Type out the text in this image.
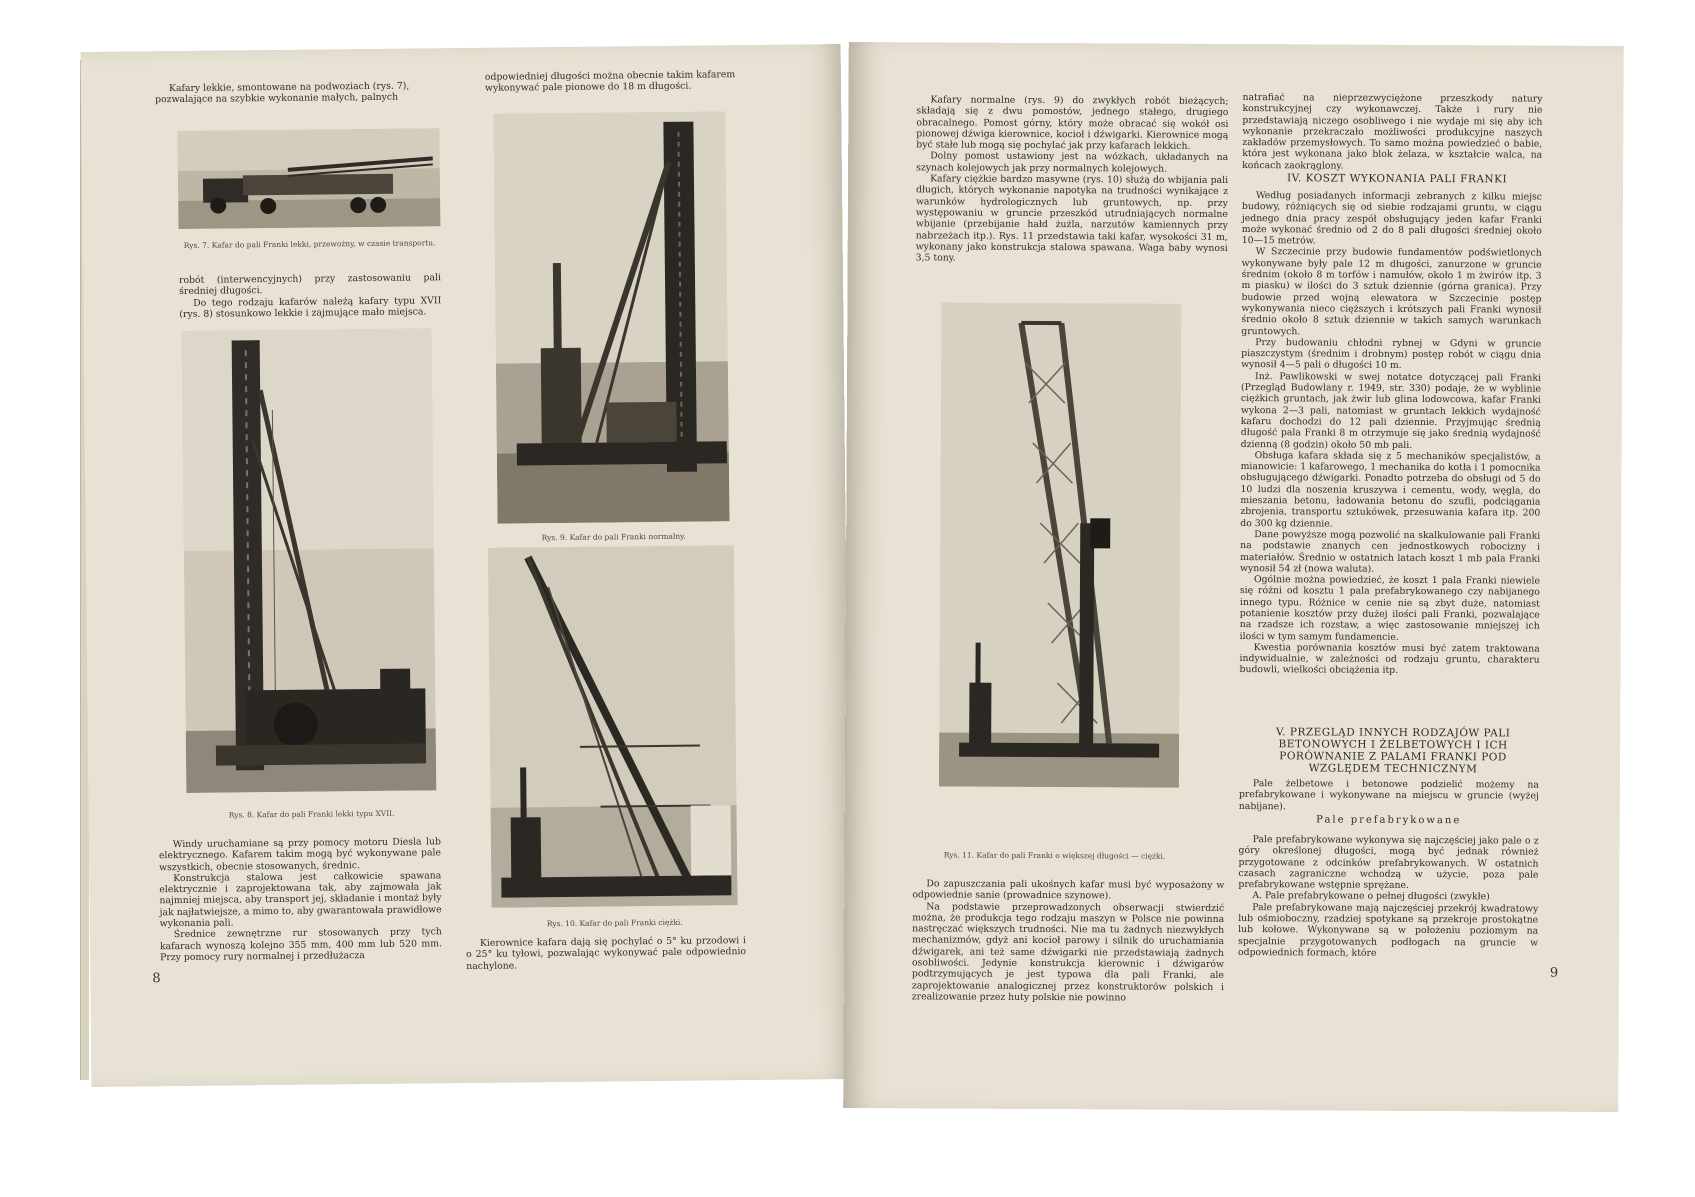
Kafary lekkie, smontowane na podwoziach (rys. 7), pozwalające na szybkie wykonanie małych, palnych

odpowiedniej długości można obecnie takim kafarem wykonywać pale pionowe do 18 m długości.

Rys. 7. Kafar do pali Franki lekki, przewożny, w czasie transportu.

robót (interwencyjnych) przy zastosowaniu pali średniej długości.

Do tego rodzaju kafarów należą kafary typu XVII (rys. 8) stosunkowo lekkie i zajmujące mało miejsca.

Rys. 8. Kafar do pali Franki lekki typu XVII.

Windy uruchamiane są przy pomocy motoru Diesla lub elektrycznego. Kafarem takim mogą być wykonywane pale wszystkich, obecnie stosowanych, średnic.

Konstrukcja stalowa jest całkowicie spawana elektrycznie i zaprojektowana tak, aby zajmowała jak najmniej miejsca, aby transport jej, składanie i montaż były jak najłatwiejsze, a mimo to, aby gwarantowała prawidłowe wykonania pali.

Średnice zewnętrzne rur stosowanych przy tych kafarach wynoszą kolejno 355 mm, 400 mm lub 520 mm. Przy pomocy rury normalnej i przedłużacza

Rys. 9. Kafar do pali Franki normalny.
Rys. 10. Kafar do pali Franki ciężki.

Kierownice kafara dają się pochylać o 5° ku przodowi i o 25° ku tyłowi, pozwalając wykonywać pale odpowiednio nachylone.

8

Kafary normalne (rys. 9) do zwykłych robót bieżących; składają się z dwu pomostów, jednego stałego, drugiego obracalnego. Pomost górny, który może obracać się wokół osi pionowej dźwiga kierownice, kocioł i dźwigarki. Kierownice mogą być stałe lub mogą się pochylać jak przy kafarach lekkich.

Dolny pomost ustawiony jest na wózkach, układanych na szynach kolejowych jak przy normalnych kolejowych.

Kafary ciężkie bardzo masywne (rys. 10) służą do wbijania pali długich, których wykonanie napotyka na trudności wynikające z warunków hydrologicznych lub gruntowych, np. przy występowaniu w gruncie przeszkód utrudniających normalne wbijanie (przebijanie hałd żużla, narzutów kamiennych przy nabrzeżach itp.). Rys. 11 przedstawia taki kafar, wysokości 31 m, wykonany jako konstrukcja stalowa spawana. Waga baby wynosi 3,5 tony.

Rys. 11. Kafar do pali Franki o większej długości — ciężki.

Do zapuszczania pali ukośnych kafar musi być wyposażony w odpowiednie sanie (prowadnice szynowe).

Na podstawie przeprowadzonych obserwacji stwierdzić można, że produkcja tego rodzaju maszyn w Polsce nie powinna nastręczać większych trudności. Nie ma tu żadnych niezwykłych mechanizmów, gdyż ani kocioł parowy i silnik do uruchamiania dźwigarek, ani też same dźwigarki nie przedstawiają żadnych osobliwości. Jedynie konstrukcja kierownic i dźwigarów podtrzymujących je jest typowa dla pali Franki, ale zaprojektowanie analogicznej przez konstruktorów polskich i zrealizowanie przez huty polskie nie powinno

natrafiać na nieprzezwyciężone przeszkody natury konstrukcyjnej czy wykonawczej. Także i rury nie przedstawiają niczego osobliwego i nie wydaje mi się aby ich wykonanie przekraczało możliwości produkcyjne naszych zakładów przemysłowych. To samo można powiedzieć o babie, która jest wykonana jako blok żelaza, w kształcie walca, na końcach zaokrąglony.

IV. KOSZT WYKONANIA PALI FRANKI

Według posiadanych informacji zebranych z kilku miejsc budowy, różniących się od siebie rodzajami gruntu, w ciągu jednego dnia pracy zespół obsługujący jeden kafar Franki może wykonać średnio od 2 do 8 pali długości średniej około 10—15 metrów.

W Szczecinie przy budowie fundamentów podświetlonych wykonywane były pale 12 m długości, zanurzone w gruncie średnim (około 8 m torfów i namułów, około 1 m żwirów itp. 3 m piasku) w ilości do 3 sztuk dziennie (górna granica). Przy budowie przed wojną elewatora w Szczecinie postęp wykonywania nieco cięższych i krótszych pali Franki wynosił średnio około 8 sztuk dziennie w takich samych warunkach gruntowych.

Przy budowaniu chłodni rybnej w Gdyni w gruncie piaszczystym (średnim i drobnym) postęp robót w ciągu dnia wynosił 4—5 pali o długości 10 m.

Inż. Pawlikowski w swej notatce dotyczącej pali Franki (Przegląd Budowlany r. 1949, str. 330) podaje, że w wyblinie ciężkich gruntach, jak żwir lub glina lodowcowa, kafar Franki wykona 2—3 pali, natomiast w gruntach lekkich wydajność kafaru dochodzi do 12 pali dziennie. Przyjmując średnią długość pala Franki 8 m otrzymuje się jako średnią wydajność dzienną (8 godzin) około 50 mb pali.

Obsługa kafara składa się z 5 mechaników specjalistów, a mianowicie: 1 kafarowego, 1 mechanika do kotła i 1 pomocnika obsługującego dźwigarki. Ponadto potrzeba do obsługi od 5 do 10 ludzi dla noszenia kruszywa i cementu, wody, węgla, do mieszania betonu, ładowania betonu do szufli, podciągania zbrojenia, transportu sztukówek, przesuwania kafara itp. 200 do 300 kg dziennie.

Dane powyższe mogą pozwolić na skalkulowanie pali Franki na podstawie znanych cen jednostkowych robocizny i materiałów. Średnio w ostatnich latach koszt 1 mb pala Franki wynosił 54 zł (nowa waluta).

Ogólnie można powiedzieć, że koszt 1 pala Franki niewiele się różni od kosztu 1 pala prefabrykowanego czy nabijanego innego typu. Różnice w cenie nie są zbyt duże, natomiast potanienie kosztów przy dużej ilości pali Franki, pozwalające na rzadsze ich rozstaw, a więc zastosowanie mniejszej ich ilości w tym samym fundamencie.

Kwestia porównania kosztów musi być zatem traktowana indywidualnie, w zależności od rodzaju gruntu, charakteru budowli, wielkości obciążenia itp.

V. PRZEGLĄD INNYCH RODZAJÓW PALI BETONOWYCH I ŻELBETOWYCH I ICH PORÓWNANIE Z PALAMI FRANKI POD WZGLĘDEM TECHNICZNYM

Pale żelbetowe i betonowe podzielić możemy na prefabrykowane i wykonywane na miejscu w gruncie (wyżej nabijane).

Pale prefabrykowane

Pale prefabrykowane wykonywa się najczęściej jako pale o z góry określonej długości, mogą być jednak również przygotowane z odcinków prefabrykowanych. W ostatnich czasach zagraniczne wchodzą w użycie, poza pale prefabrykowane wstępnie sprężane.

A. Pale prefabrykowane o pełnej długości (zwykłe)

Pale prefabrykowane mają najczęściej przekrój kwadratowy lub ośmioboczny, rzadziej spotykane są przekroje prostokątne lub kołowe. Wykonywane są w położeniu poziomym na specjalnie przygotowanych podłogach na gruncie w odpowiednich formach, które

9
